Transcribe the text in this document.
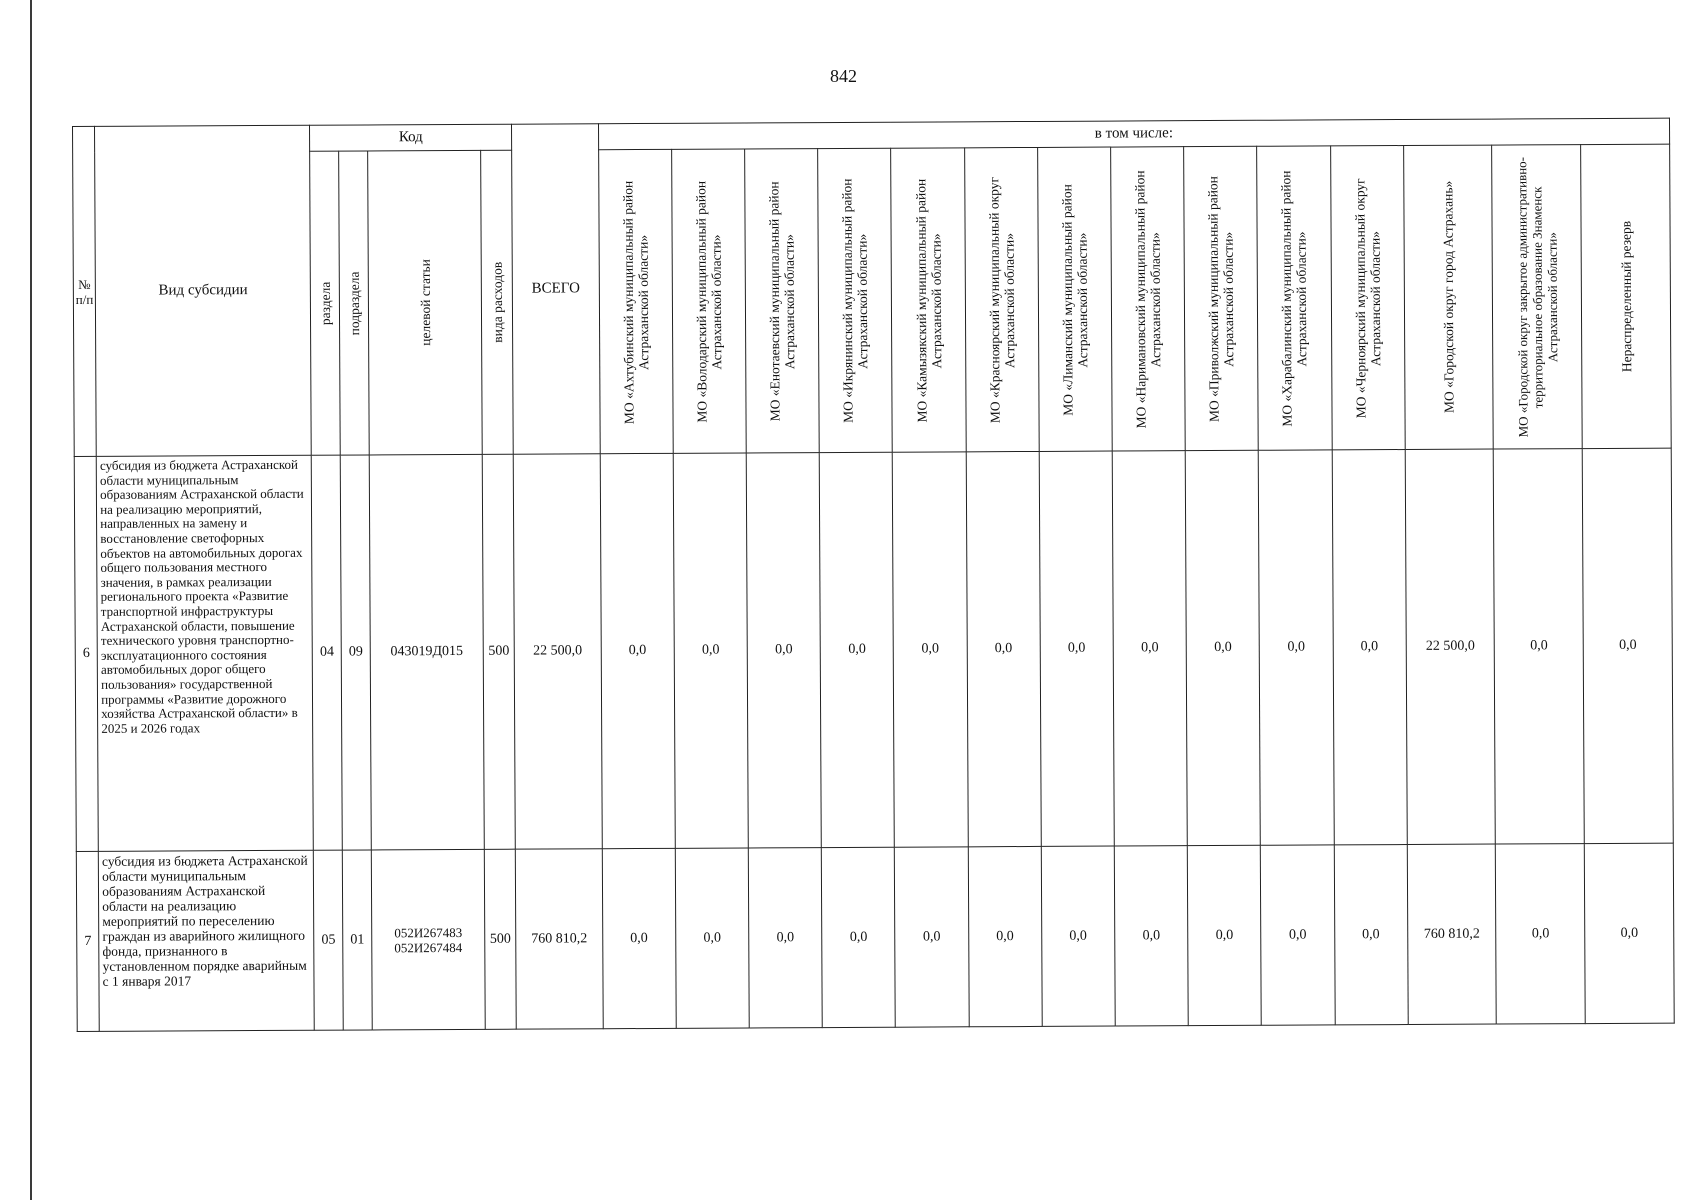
842
№ п/п	Вид субсидии	Код				ВСЕГО	в том числе:													

		раздела	подраздела	целевой статьи	вида расходов		МО «Ахтубинский муниципальный район Астраханской области»	МО «Володарский муниципальный район Астраханской области»	МО «Енотаевский муниципальный район Астраханской области»	МО «Икрянинский муниципальный район Астраханской области»	МО «Камызякский муниципальный район Астраханской области»	МО «Красноярский муниципальный округ Астраханской области»	МО «Лиманский муниципальный район Астраханской области»	МО «Наримановский муниципальный район Астраханской области»	МО «Приволжский муниципальный район Астраханской области»	МО «Харабалинский муниципальный район Астраханской области»	МО «Черноярский муниципальный округ Астраханской области»	МО «Городской округ город Астрахань»	МО «Городской округ закрытое административно-территориальное образование Знаменск Астраханской области»	Нераспределенный резерв

6	субсидия из бюджета Астраханской области муниципальным образованиям Астраханской области на реализацию мероприятий, направленных на замену и восстановление светофорных объектов на автомобильных дорогах общего пользования местного значения, в рамках реализации регионального проекта «Развитие транспортной инфраструктуры Астраханской области, повышение технического уровня транспортно-эксплуатационного состояния автомобильных дорог общего пользования» государственной программы «Развитие дорожного хозяйства Астраханской области» в 2025 и 2026 годах	04	09	043019Д015	500	22 500,0	0,0	0,0	0,0	0,0	0,0	0,0	0,0	0,0	0,0	0,0	0,0	22 500,0	0,0	0,0
7	субсидия из бюджета Астраханской области муниципальным образованиям Астраханской области на реализацию мероприятий по переселению граждан из аварийного жилищного фонда, признанного в установленном порядке аварийным с 1 января 2017	05	01	052И267483
052И267484	500	760 810,2	0,0	0,0	0,0	0,0	0,0	0,0	0,0	0,0	0,0	0,0	0,0	760 810,2	0,0	0,0
